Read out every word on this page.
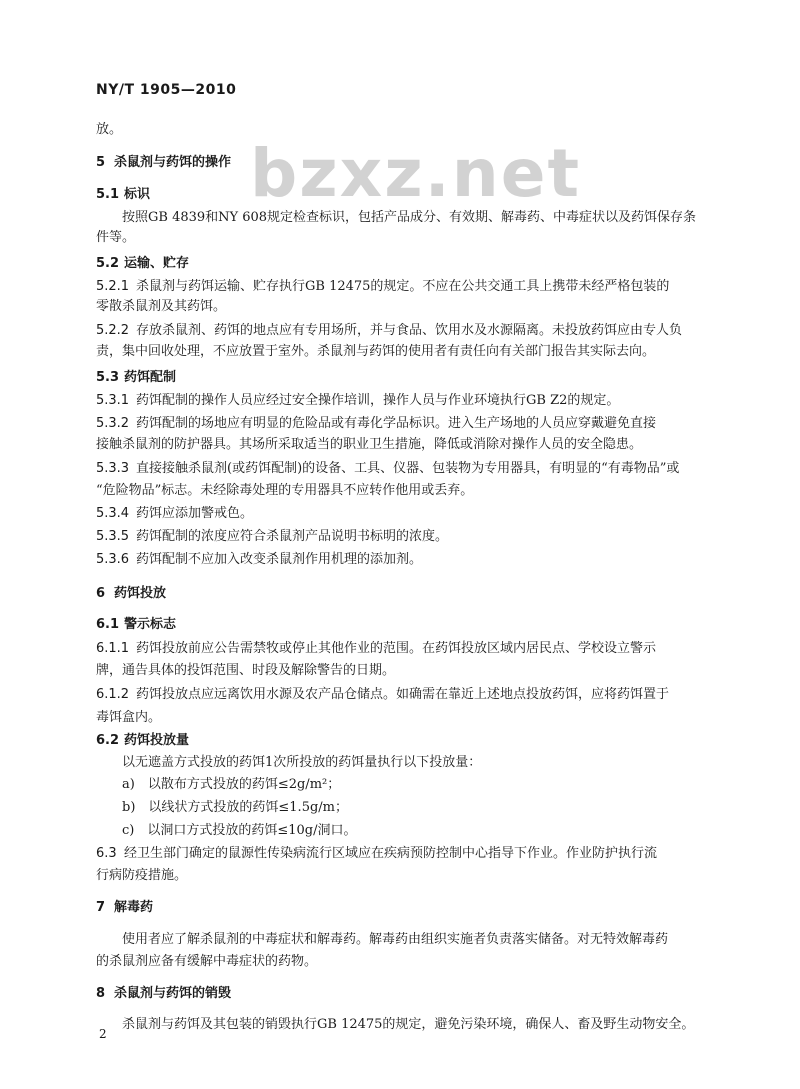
NY/T 1905—2010
bzxz.net
放。
5 杀鼠剂与药饵的操作
5.1 标识
按照GB 4839和NY 608规定检查标识，包括产品成分、有效期、解毒药、中毒症状以及药饵保存条
件等。
5.2 运输、贮存
5.2.1 杀鼠剂与药饵运输、贮存执行GB 12475的规定。不应在公共交通工具上携带未经严格包装的
零散杀鼠剂及其药饵。
5.2.2 存放杀鼠剂、药饵的地点应有专用场所，并与食品、饮用水及水源隔离。未投放药饵应由专人负
责，集中回收处理，不应放置于室外。杀鼠剂与药饵的使用者有责任向有关部门报告其实际去向。
5.3 药饵配制
5.3.1 药饵配制的操作人员应经过安全操作培训，操作人员与作业环境执行GB Z2的规定。
5.3.2 药饵配制的场地应有明显的危险品或有毒化学品标识。进入生产场地的人员应穿戴避免直接
接触杀鼠剂的防护器具。其场所采取适当的职业卫生措施，降低或消除对操作人员的安全隐患。
5.3.3 直接接触杀鼠剂(或药饵配制)的设备、工具、仪器、包装物为专用器具，有明显的“有毒物品”或
“危险物品”标志。未经除毒处理的专用器具不应转作他用或丢弃。
5.3.4 药饵应添加警戒色。
5.3.5 药饵配制的浓度应符合杀鼠剂产品说明书标明的浓度。
5.3.6 药饵配制不应加入改变杀鼠剂作用机理的添加剂。
6 药饵投放
6.1 警示标志
6.1.1 药饵投放前应公告需禁牧或停止其他作业的范围。在药饵投放区域内居民点、学校设立警示
牌，通告具体的投饵范围、时段及解除警告的日期。
6.1.2 药饵投放点应远离饮用水源及农产品仓储点。如确需在靠近上述地点投放药饵，应将药饵置于
毒饵盒内。
6.2 药饵投放量
以无遮盖方式投放的药饵1次所投放的药饵量执行以下投放量：
a)　以散布方式投放的药饵≤2g/m²；
b)　以线状方式投放的药饵≤1.5g/m；
c)　以洞口方式投放的药饵≤10g/洞口。
6.3 经卫生部门确定的鼠源性传染病流行区域应在疾病预防控制中心指导下作业。作业防护执行流
行病防疫措施。
7 解毒药
使用者应了解杀鼠剂的中毒症状和解毒药。解毒药由组织实施者负责落实储备。对无特效解毒药
的杀鼠剂应备有缓解中毒症状的药物。
8 杀鼠剂与药饵的销毁
杀鼠剂与药饵及其包装的销毁执行GB 12475的规定，避免污染环境，确保人、畜及野生动物安全。
2
